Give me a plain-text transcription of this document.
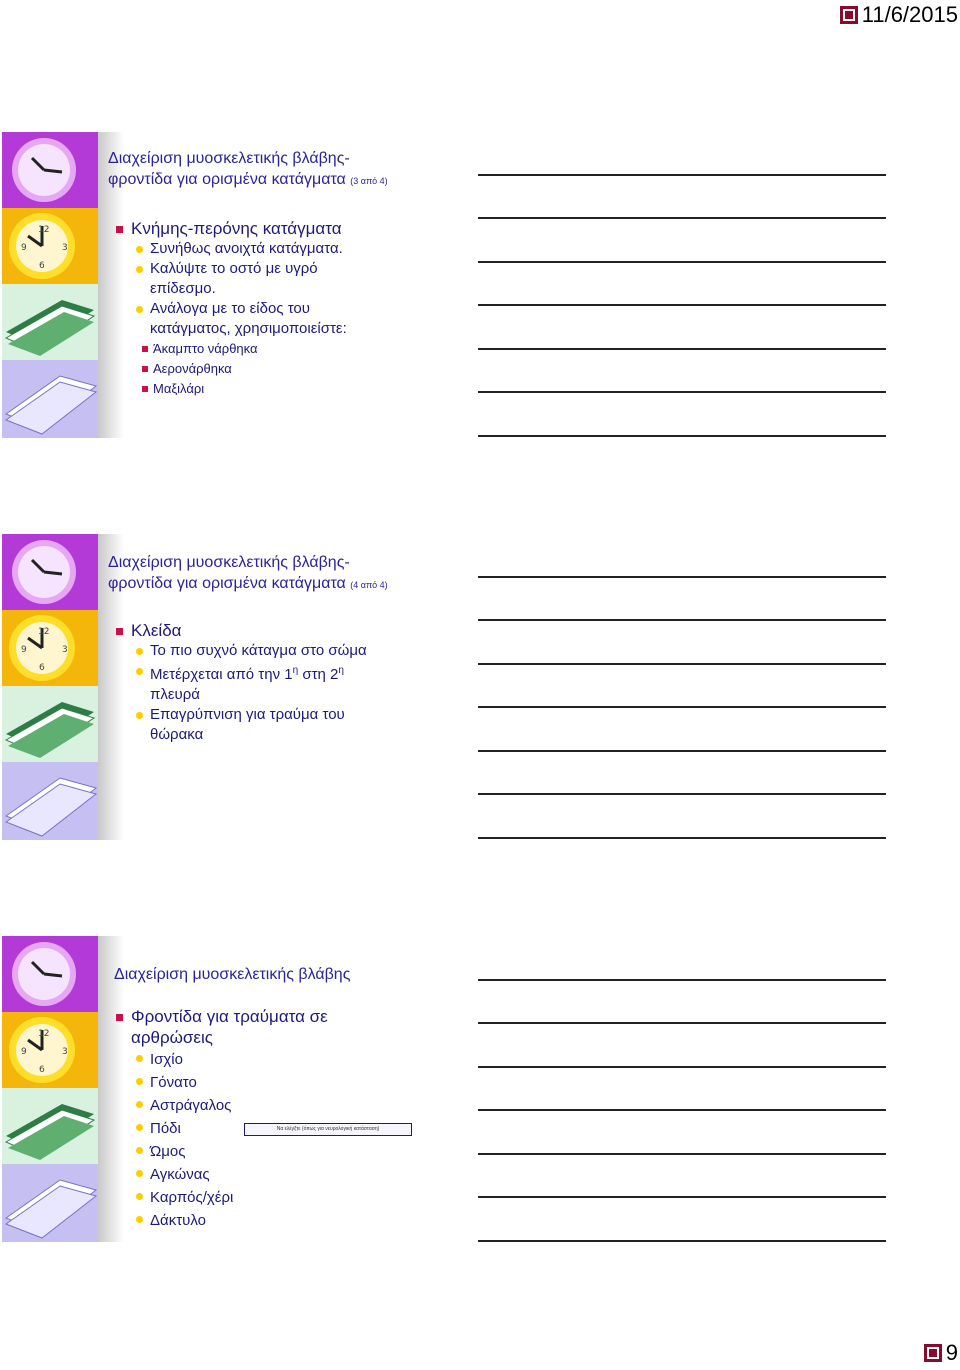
11/6/2015
Διαχείριση μυοσκελετικής βλάβης-
φροντίδα για ορισμένα κατάγματα (3 από 4)
Κνήμης-περόνης κατάγματα
Συνήθως ανοιχτά κατάγματα.
Καλύψτε το οστό με υγρό επίδεσμο.
Ανάλογα με το είδος του κατάγματος, χρησιμοποιείστε:
Άκαμπτο νάρθηκα
Αερονάρθηκα
Μαξιλάρι
Διαχείριση μυοσκελετικής βλάβης-
φροντίδα για ορισμένα κατάγματα (4 από 4)
Κλείδα
Το πιο συχνό κάταγμα στο σώμα
Μετέρχεται από την $1^\eta$ στη $2^\eta$ πλευρά
Επαγρύπνιση για τραύμα του θώρακα
Διαχείριση μυοσκελετικής βλάβης
Φροντίδα για τραύματα σε αρθρώσεις
Ισχίο
Γόνατο
Αστράγαλος
Πόδι
Ώμος
Αγκώνας
Καρπός/χέρι
Δάκτυλο
Να ελέγξτε (όπως για νευρολογική κατάσταση)
9
